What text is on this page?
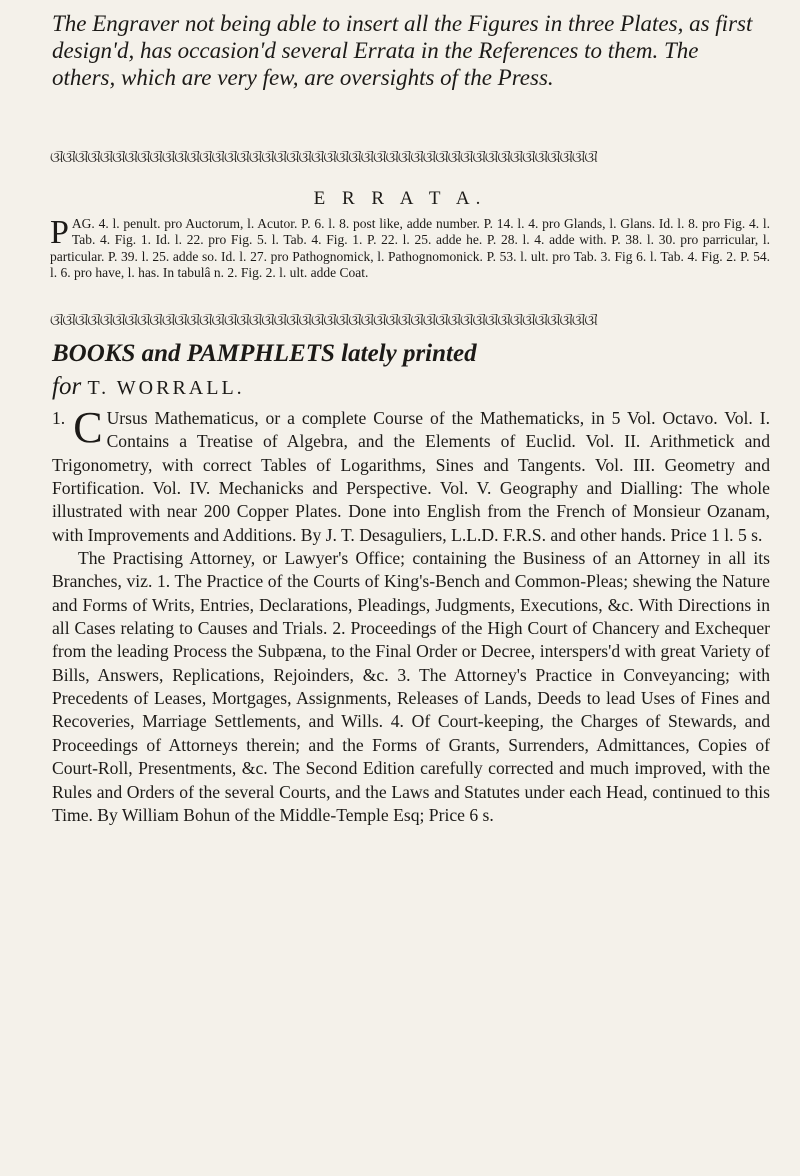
The Engraver not being able to insert all the Figures in three Plates, as first design'd, has occasion'd several Errata in the References to them. The others, which are very few, are oversights of the Press.
ଔଔଔଔଔଔଔଔଔଔଔଔଔଔଔଔଔଔଔଔଔଔଔଔଔଔଔଔଔଔଔଔଔଔଔଔଔଔଔଔଔଔଔଔ
E R R A T A.
PAG. 4. l. penult. pro Auctorum, l. Acutor. P. 6. l. 8. post like, adde number. P. 14. l. 4. pro Glands, l. Glans. Id. l. 8. pro Fig. 4. l. Tab. 4. Fig. 1. Id. l. 22. pro Fig. 5. l. Tab. 4. Fig. 1. P. 22. l. 25. adde he. P. 28. l. 4. adde with. P. 38. l. 30. pro parricular, l. particular. P. 39. l. 25. adde so. Id. l. 27. pro Pathognomick, l. Pathognomonick. P. 53. l. ult. pro Tab. 3. Fig 6. l. Tab. 4. Fig. 2. P. 54. l. 6. pro have, l. has. In tabulâ n. 2. Fig. 2. l. ult. adde Coat.
ଔଔଔଔଔଔଔଔଔଔଔଔଔଔଔଔଔଔଔଔଔଔଔଔଔଔଔଔଔଔଔଔଔଔଔଔଔଔଔଔଔଔଔଔ
BOOKS and PAMPHLETS lately printed
for T. WORRALL.

1. C Ursus Mathematicus, or a complete Course of the Mathematicks, in 5 Vol. Octavo. Vol. I. Contains a Treatise of Algebra, and the Elements of Euclid. Vol. II. Arithmetick and Trigonometry, with correct Tables of Logarithms, Sines and Tangents. Vol. III. Geometry and Fortification. Vol. IV. Mechanicks and Perspective. Vol. V. Geography and Dialling: The whole illustrated with near 200 Copper Plates. Done into English from the French of Monsieur Ozanam, with Improvements and Additions. By J. T. Desaguliers, L.L.D. F.R.S. and other hands. Price 1 l. 5 s.

The Practising Attorney, or Lawyer's Office; containing the Business of an Attorney in all its Branches, viz. 1. The Practice of the Courts of King's-Bench and Common-Pleas; shewing the Nature and Forms of Writs, Entries, Declarations, Pleadings, Judgments, Executions, &c. With Directions in all Cases relating to Causes and Trials. 2. Proceedings of the High Court of Chancery and Exchequer from the leading Process the Subpæna, to the Final Order or Decree, interspers'd with great Variety of Bills, Answers, Replications, Rejoinders, &c. 3. The Attorney's Practice in Conveyancing; with Precedents of Leases, Mortgages, Assignments, Releases of Lands, Deeds to lead Uses of Fines and Recoveries, Marriage Settlements, and Wills. 4. Of Court-keeping, the Charges of Stewards, and Proceedings of Attorneys therein; and the Forms of Grants, Surrenders, Admittances, Copies of Court-Roll, Presentments, &c. The Second Edition carefully corrected and much improved, with the Rules and Orders of the several Courts, and the Laws and Statutes under each Head, continued to this Time. By William Bohun of the Middle-Temple Esq; Price 6 s.
